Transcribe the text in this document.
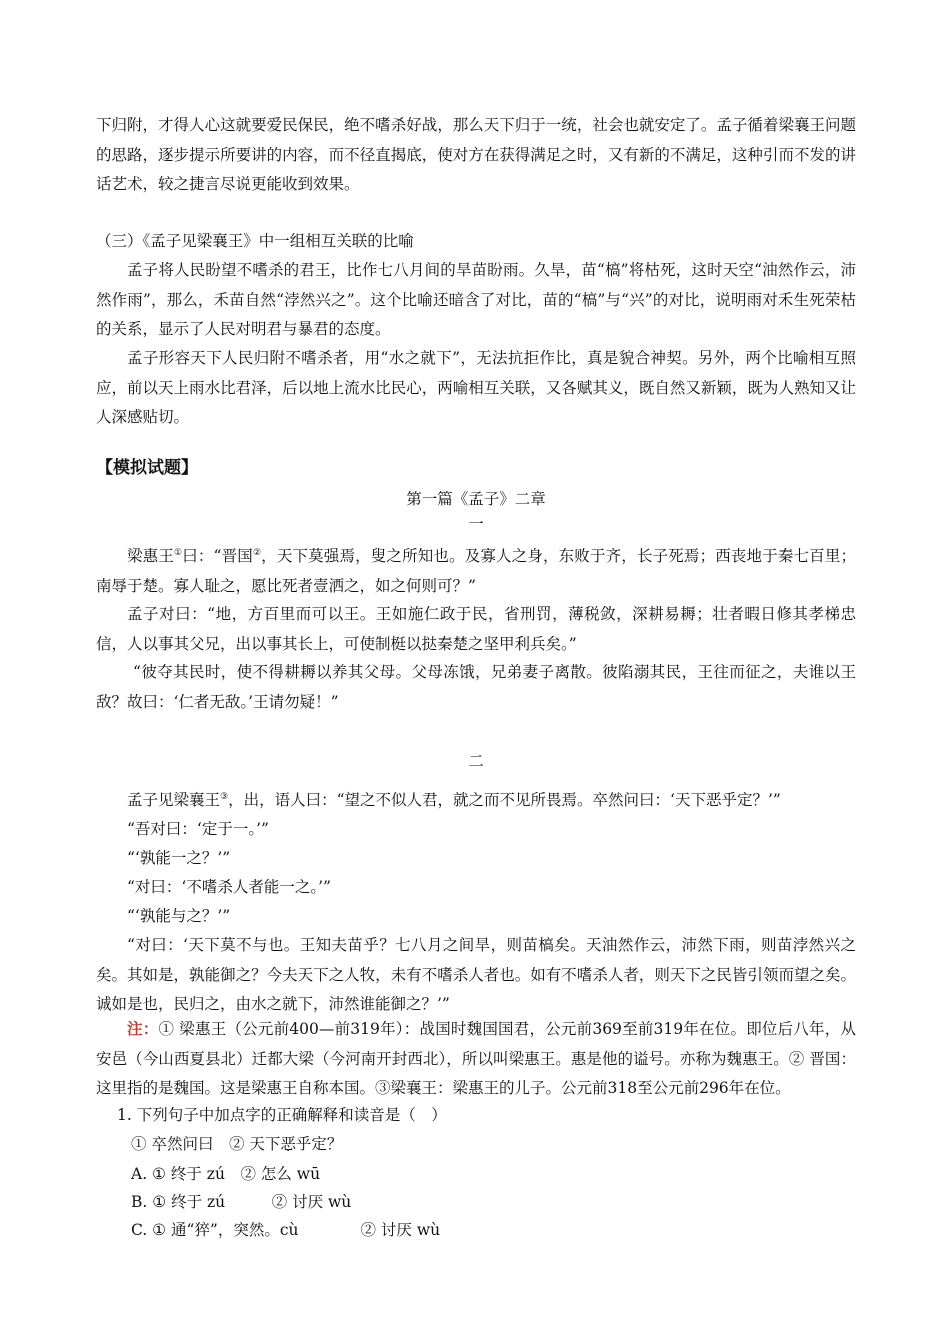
下归附，才得人心这就要爱民保民，绝不嗜杀好战，那么天下归于一统，社会也就安定了。孟子循着梁襄王问题的思路，逐步提示所要讲的内容，而不径直揭底，使对方在获得满足之时，又有新的不满足，这种引而不发的讲话艺术，较之捷言尽说更能收到效果。

（三）《孟子见梁襄王》中一组相互关联的比喻

孟子将人民盼望不嗜杀的君王，比作七八月间的旱苗盼雨。久旱，苗“槁”将枯死，这时天空“油然作云，沛然作雨”，那么，禾苗自然“浡然兴之”。这个比喻还暗含了对比，苗的“槁”与“兴”的对比，说明雨对禾生死荣枯的关系，显示了人民对明君与暴君的态度。

孟子形容天下人民归附不嗜杀者，用“水之就下”，无法抗拒作比，真是貌合神契。另外，两个比喻相互照应，前以天上雨水比君泽，后以地上流水比民心，两喻相互关联，又各赋其义，既自然又新颖，既为人熟知又让人深感贴切。

【模拟试题】

第一篇《孟子》二章

一

梁惠王①曰：“晋国②，天下莫强焉，叟之所知也。及寡人之身，东败于齐，长子死焉；西丧地于秦七百里；南辱于楚。寡人耻之，愿比死者壹洒之，如之何则可？”

孟子对曰：“地，方百里而可以王。王如施仁政于民，省刑罚，薄税敛，深耕易耨；壮者暇日修其孝梯忠信，人以事其父兄，出以事其长上，可使制梃以挞秦楚之坚甲利兵矣。”

“彼夺其民时，使不得耕耨以养其父母。父母冻饿，兄弟妻子离散。彼陷溺其民，王往而征之，夫谁以王敌？故曰：‘仁者无敌。’王请勿疑！”

二

孟子见梁襄王③，出，语人曰：“望之不似人君，就之而不见所畏焉。卒然问曰：‘天下恶乎定？’”

“吾对曰：‘定于一。’”

“‘孰能一之？’”

“对曰：‘不嗜杀人者能一之。’”

“‘孰能与之？’”

“对曰：‘天下莫不与也。王知夫苗乎？七八月之间旱，则苗槁矣。天油然作云，沛然下雨，则苗浡然兴之矣。其如是，孰能御之？今夫天下之人牧，未有不嗜杀人者也。如有不嗜杀人者，则天下之民皆引领而望之矣。诚如是也，民归之，由水之就下，沛然谁能御之？’”

注：① 梁惠王（公元前400—前319年）：战国时魏国国君，公元前369至前319年在位。即位后八年，从安邑（今山西夏县北）迁都大梁（今河南开封西北），所以叫梁惠王。惠是他的谥号。亦称为魏惠王。② 晋国：这里指的是魏国。这是梁惠王自称本国。③梁襄王：梁惠王的儿子。公元前318至公元前296年在位。

1. 下列句子中加点字的正确解释和读音是（　）

① 卒然问曰　② 天下恶乎定？

A. ① 终于 zú　② 怎么 wū

B. ① 终于 zú　　　② 讨厌 wù

C. ① 通“猝”，突然。cù　　　　② 讨厌 wù
